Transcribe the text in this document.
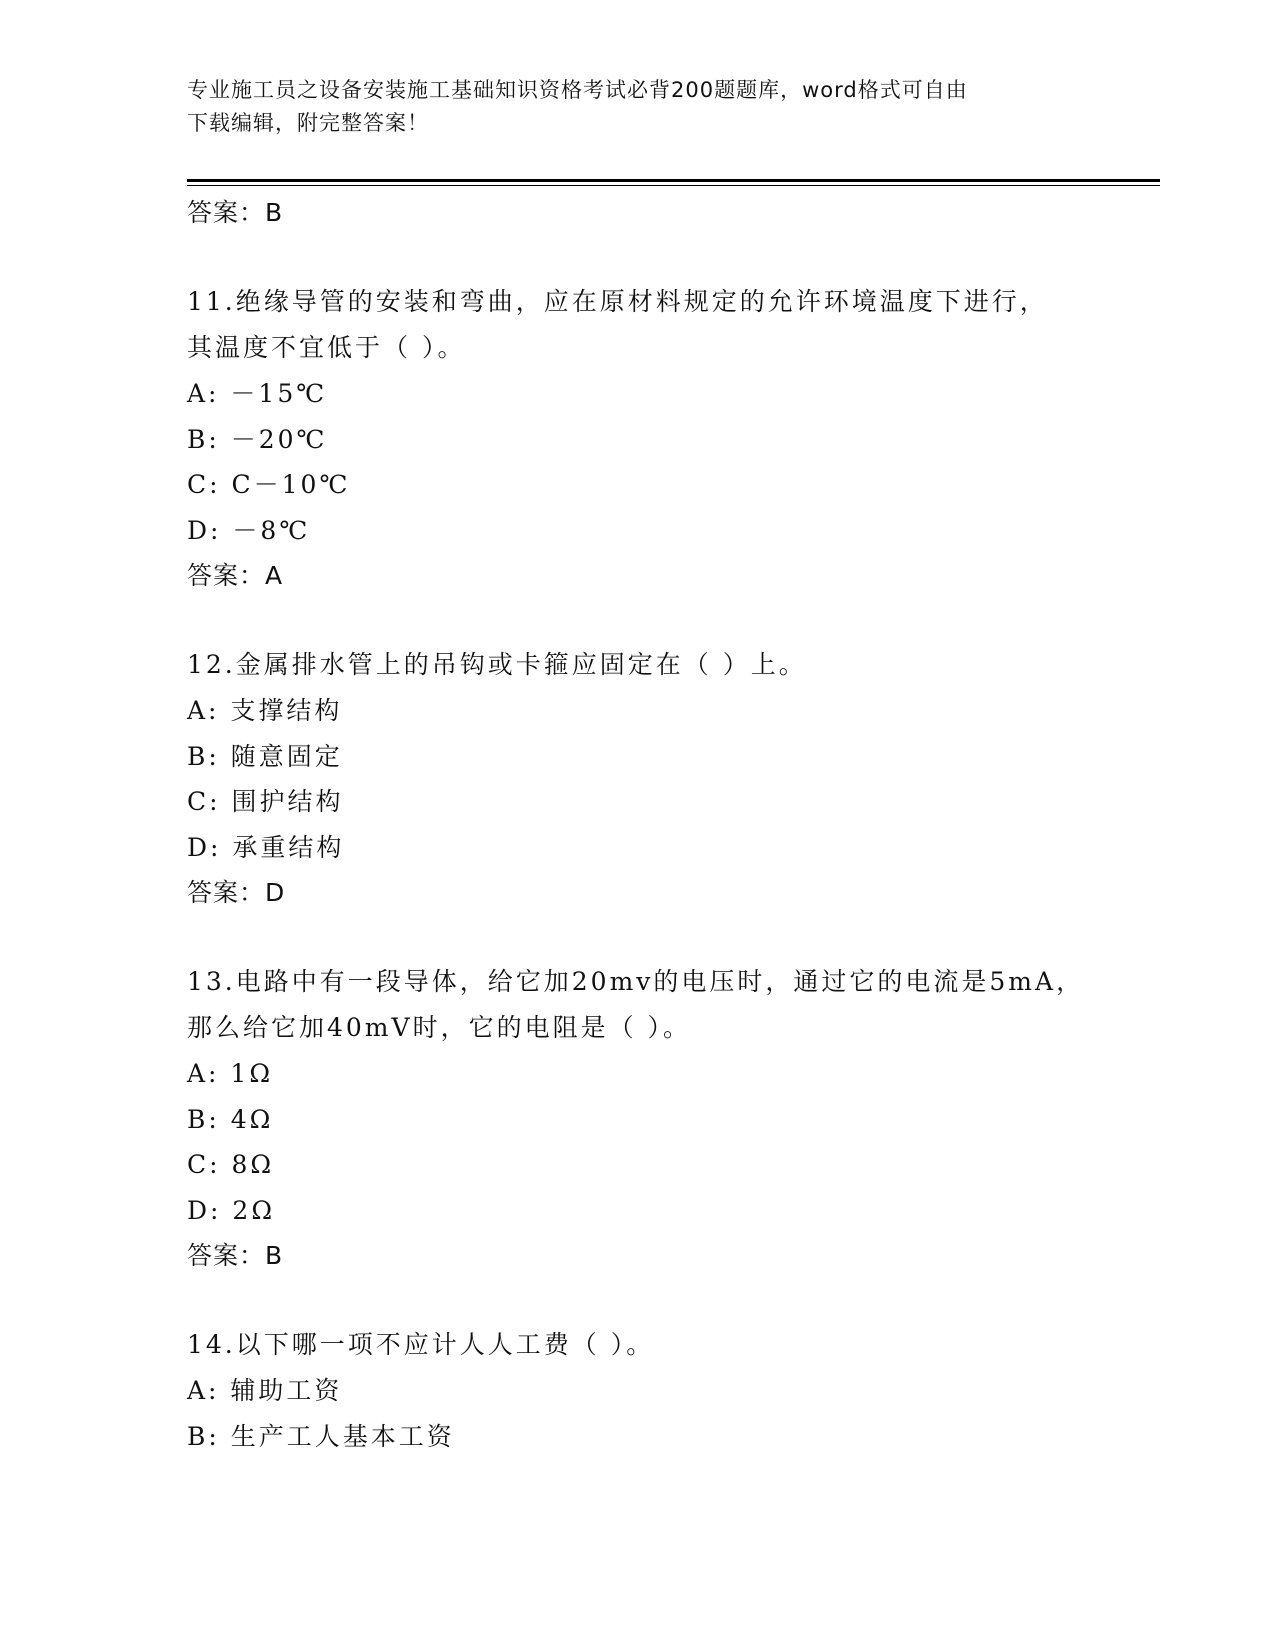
专业施工员之设备安装施工基础知识资格考试必背200题题库，word格式可自由
下载编辑，附完整答案！
答案：B
11.绝缘导管的安装和弯曲，应在原材料规定的允许环境温度下进行，
其温度不宜低于（ ）。
A: －15℃
B: －20℃
C: C－10℃
D: －8℃
答案：A
12.金属排水管上的吊钩或卡箍应固定在（ ）上。
A: 支撑结构
B: 随意固定
C: 围护结构
D: 承重结构
答案：D
13.电路中有一段导体，给它加20mv的电压时，通过它的电流是5mA，
那么给它加40mV时，它的电阻是（ ）。
A: 1Ω
B: 4Ω
C: 8Ω
D: 2Ω
答案：B
14.以下哪一项不应计人人工费（ ）。
A: 辅助工资
B: 生产工人基本工资
